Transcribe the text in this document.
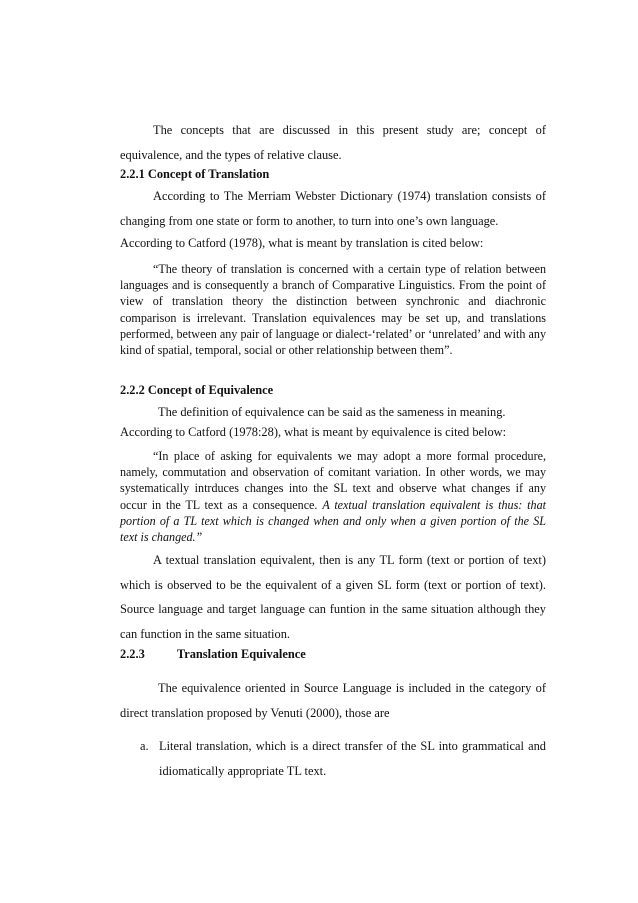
The concepts that are discussed in this present study are; concept of equivalence, and the types of relative clause.

2.2.1 Concept of Translation

According to The Merriam Webster Dictionary (1974) translation consists of changing from one state or form to another, to turn into one’s own language.

According to Catford (1978), what is meant by translation is cited below:

“The theory of translation is concerned with a certain type of relation between languages and is consequently a branch of Comparative Linguistics. From the point of view of translation theory the distinction between synchronic and diachronic comparison is irrelevant. Translation equivalences may be set up, and translations performed, between any pair of language or dialect-‘related’ or ‘unrelated’ and with any kind of spatial, temporal, social or other relationship between them”.

2.2.2 Concept of Equivalence

The definition of equivalence can be said as the sameness in meaning.

According to Catford (1978:28), what is meant by equivalence is cited below:

“In place of asking for equivalents we may adopt a more formal procedure, namely, commutation and observation of comitant variation. In other words, we may systematically intrduces changes into the SL text and observe what changes if any occur in the TL text as a consequence. A textual translation equivalent is thus: that portion of a TL text which is changed when and only when a given portion of the SL text is changed.”

A textual translation equivalent, then is any TL form (text or portion of text) which is observed to be the equivalent of a given SL form (text or portion of text). Source language and target language can funtion in the same situation although they can function in the same situation.

2.2.3	Translation Equivalence

The equivalence oriented in Source Language is included in the category of direct translation proposed by Venuti (2000), those are

a. Literal translation, which is a direct transfer of the SL into grammatical and idiomatically appropriate TL text.
